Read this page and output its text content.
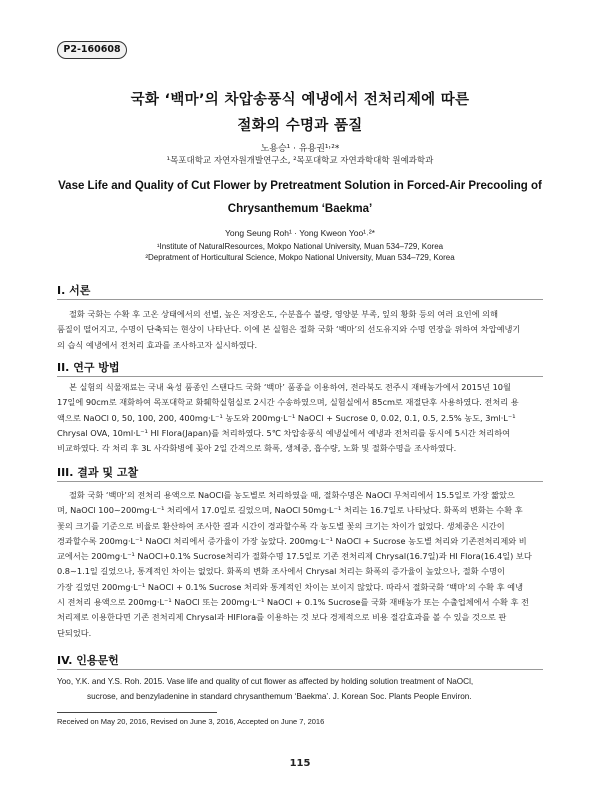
P2-160608
국화 ‘백마’의 차압송풍식 예냉에서 전처리제에 따른
절화의 수명과 품질
노용승¹ · 유용권¹˒²*
¹목포대학교 자연자원개발연구소, ²목포대학교 자연과학대학 원예과학과
Vase Life and Quality of Cut Flower by Pretreatment Solution in Forced-Air Precooling of
Chrysanthemum ‘Baekma’
Yong Seung Roh¹ · Yong Kweon Yoo¹˒²*
¹Institute of NaturalResources, Mokpo National University, Muan 534–729, Korea
²Depratment of Horticultural Science, Mokpo National University, Muan 534–729, Korea
I. 서론
절화 국화는 수확 후 고온 상태에서의 선별, 높은 저장온도, 수분흡수 불량, 영양분 부족, 잎의 황화 등의 여러 요인에 의해
품질이 떨어지고, 수명이 단축되는 현상이 나타난다. 이에 본 실험은 절화 국화 ‘백마’의 선도유지와 수명 연장을 위하여 차압예냉기
의 습식 예냉에서 전처리 효과를 조사하고자 실시하였다.
II. 연구 방법
본 실험의 식물재료는 국내 육성 품종인 스탠다드 국화 ‘백마’ 품종을 이용하여, 전라북도 전주시 재배농가에서 2015년 10월
17일에 90cm로 재화하여 목포대학교 화훼학실험실로 2시간 수송하였으며, 실험실에서 85cm로 재절단후 사용하였다. 전처리 용
액으로 NaOCl 0, 50, 100, 200, 400mg·L⁻¹ 농도와 200mg·L⁻¹ NaOCl + Sucrose 0, 0.02, 0.1, 0.5, 2.5% 농도, 3ml·L⁻¹
Chrysal OVA, 10ml·L⁻¹ HI Flora(Japan)를 처리하였다. 5℃ 차압송풍식 예냉실에서 예냉과 전처리를 동시에 5시간 처리하여
비교하였다. 각 처리 후 3L 사각화병에 꽂아 2일 간격으로 화폭, 생체중, 흡수량, 노화 및 절화수명을 조사하였다.
III. 결과 및 고찰
절화 국화 ‘백마’의 전처리 용액으로 NaOCl를 농도별로 처리하였을 때, 절화수명은 NaOCl 무처리에서 15.5일로 가장 짧았으
며, NaOCl 100~200mg·L⁻¹ 처리에서 17.0일로 길었으며, NaOCl 50mg·L⁻¹ 처리는 16.7일로 나타났다. 화폭의 변화는 수확 후
꽃의 크기를 기준으로 비율로 환산하여 조사한 결과 시간이 경과할수록 각 농도별 꽃의 크기는 차이가 없었다. 생체중은 시간이
경과할수록 200mg·L⁻¹ NaOCl 처리에서 증가율이 가장 높았다. 200mg·L⁻¹ NaOCl + Sucrose 농도별 처리와 기존전처리제와 비
교에서는 200mg·L⁻¹ NaOCl+0.1% Sucrose처리가 절화수명 17.5일로 기존 전처리제 Chrysal(16.7일)과 HI Flora(16.4일) 보다
0.8~1.1일 길었으나, 통계적인 차이는 없었다. 화폭의 변화 조사에서 Chrysal 처리는 화폭의 증가율이 높았으나, 절화 수명이
가장 길었던 200mg·L⁻¹ NaOCl + 0.1% Sucrose 처리와 통계적인 차이는 보이지 않았다. 따라서 절화국화 ‘백마’의 수확 후 예냉
시 전처리 용액으로 200mg·L⁻¹ NaOCl 또는 200mg·L⁻¹ NaOCl + 0.1% Sucrose를 국화 재배농가 또는 수출업체에서 수확 후 전
처리제로 이용한다면 기존 전처리제 Chrysal과 HIFlora를 이용하는 것 보다 경제적으로 비용 절감효과를 볼 수 있을 것으로 판
단되었다.
IV. 인용문헌
Yoo, Y.K. and Y.S. Roh. 2015. Vase life and quality of cut flower as affected by holding solution treatment of NaOCl,
sucrose, and benzyladenine in standard chrysanthemum ‘Baekma’. J. Korean Soc. Plants People Environ.
Received on May 20, 2016, Revised on June 3, 2016, Accepted on June 7, 2016
115
